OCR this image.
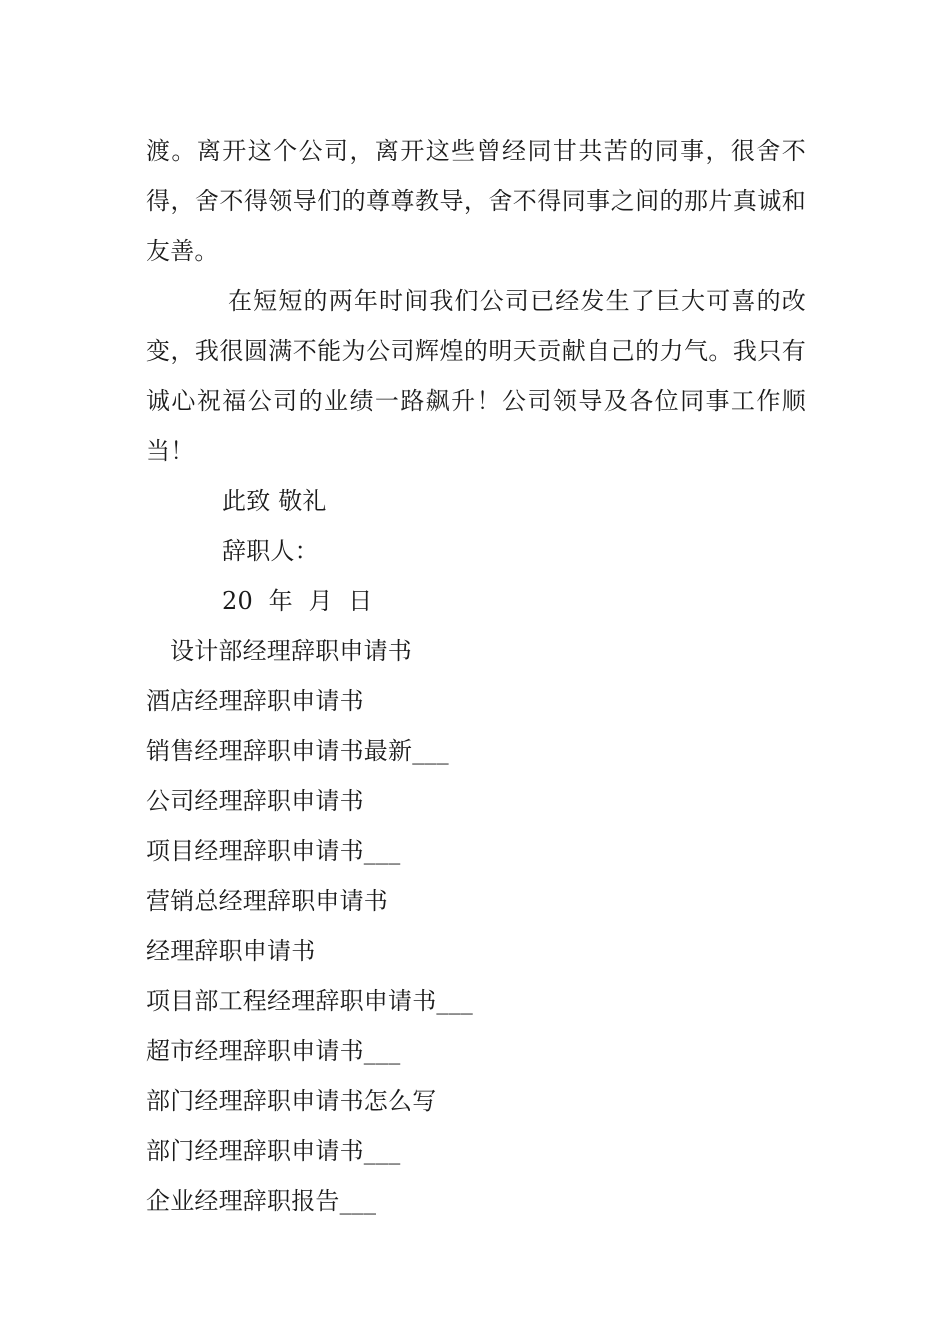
渡。离开这个公司，离开这些曾经同甘共苦的同事，很舍不得，舍不得领导们的尊尊教导，舍不得同事之间的那片真诚和友善。

在短短的两年时间我们公司已经发生了巨大可喜的改变，我很圆满不能为公司辉煌的明天贡献自己的力气。我只有诚心祝福公司的业绩一路飙升！公司领导及各位同事工作顺当！

此致 敬礼

辞职人：

20  年  月  日

设计部经理辞职申请书

酒店经理辞职申请书

销售经理辞职申请书最新___

公司经理辞职申请书

项目经理辞职申请书___

营销总经理辞职申请书

经理辞职申请书

项目部工程经理辞职申请书___

超市经理辞职申请书___

部门经理辞职申请书怎么写

部门经理辞职申请书___

企业经理辞职报告___
